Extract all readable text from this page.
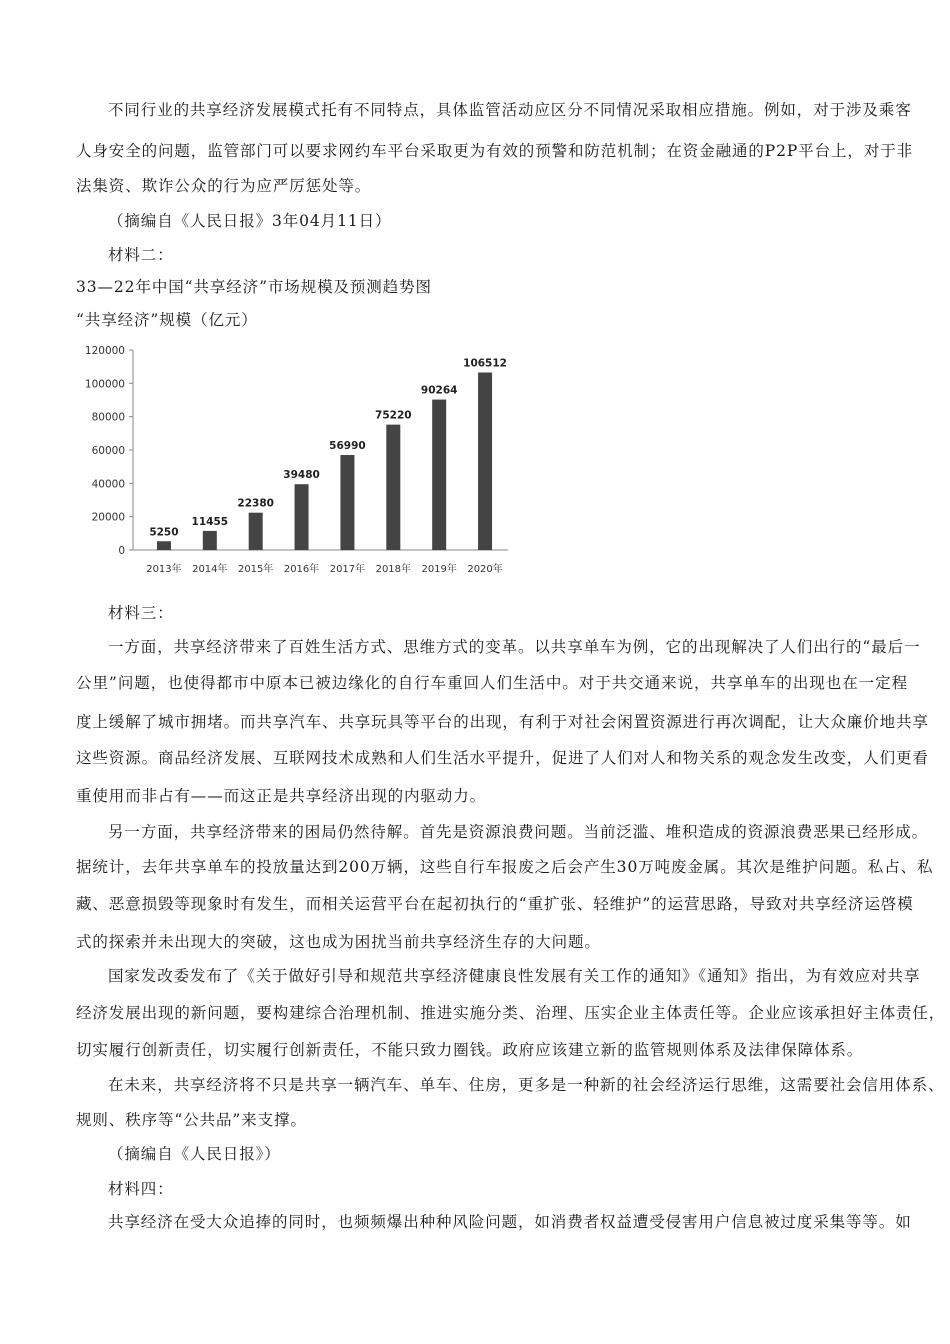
不同行业的共享经济发展模式托有不同特点，具体监管活动应区分不同情况采取相应措施。例如，对于涉及乘客
人身安全的问题，监管部门可以要求网约车平台采取更为有效的预警和防范机制；在资金融通的P2P平台上，对于非
法集资、欺诈公众的行为应严厉惩处等。
（摘编自《人民日报》3年04月11日）
材料二：
33—22年中国“共享经济”市场规模及预测趋势图
“共享经济”规模（亿元）
0
20000
40000
60000
80000
100000
120000
5250
11455
22380
39480
56990
75220
90264
106512
2013年 2014年 2015年 2016年 2017年 2018年 2019年 2020年
材料三：
一方面，共享经济带来了百姓生活方式、思维方式的变革。以共享单车为例，它的出现解决了人们出行的“最后一
公里”问题，也使得都市中原本已被边缘化的自行车重回人们生活中。对于共交通来说，共享单车的出现也在一定程
度上缓解了城市拥堵。而共享汽车、共享玩具等平台的出现，有利于对社会闲置资源进行再次调配，让大众廉价地共享
这些资源。商品经济发展、互联网技术成熟和人们生活水平提升，促进了人们对人和物关系的观念发生改变，人们更看
重使用而非占有——而这正是共享经济出现的内驱动力。
另一方面，共享经济带来的困局仍然待解。首先是资源浪费问题。当前泛滥、堆积造成的资源浪费恶果已经形成。
据统计，去年共享单车的投放量达到200万辆，这些自行车报废之后会产生30万吨废金属。其次是维护问题。私占、私
藏、恶意损毁等现象时有发生，而相关运营平台在起初执行的“重扩张、轻维护”的运营思路，导致对共享经济运啓模
式的探索并未出现大的突破，这也成为困扰当前共享经济生存的大问题。
国家发改委发布了《关于做好引导和规范共享经济健康良性发展有关工作的通知》《通知》指出，为有效应对共享
经济发展出现的新问题，要构建综合治理机制、推进实施分类、治理、压实企业主体责任等。企业应该承担好主体责任，
切实履行创新责任，切实履行创新责任，不能只致力圈钱。政府应该建立新的监管规则体系及法律保障体系。
在未来，共享经济将不只是共享一辆汽车、单车、住房，更多是一种新的社会经济运行思维，这需要社会信用体系、
规则、秩序等“公共品”来支撑。
（摘编自《人民日报》）
材料四：
共享经济在受大众追捧的同时，也频频爆出种种风险问题，如消费者权益遭受侵害用户信息被过度采集等等。如
